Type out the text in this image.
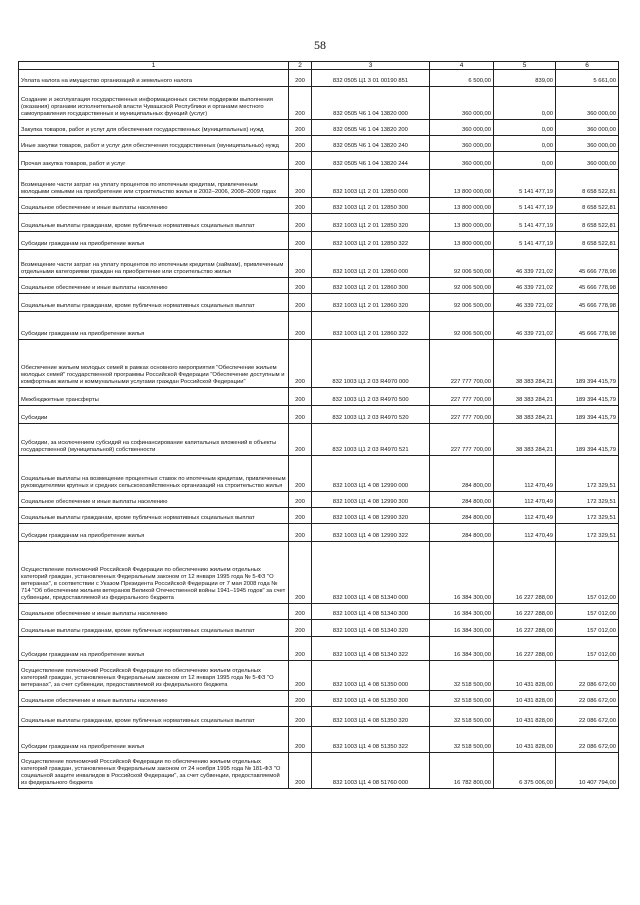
58
1	2	3	4	5	6
Уплата налога на имущество организаций и земельного налога	200	832 0505 Ц1 3 01 00190 851	6 500,00	839,00	5 661,00
Создание и эксплуатация государственных информационных систем поддержки выполнения (оказания) органами исполнительной власти Чувашской Республики и органами местного самоуправления государственных и муниципальных функций (услуг)	200	832 0505 Ч6 1 04 13820 000	360 000,00	0,00	360 000,00
Закупка товаров, работ и услуг для обеспечения государственных (муниципальных) нужд	200	832 0505 Ч6 1 04 13820 200	360 000,00	0,00	360 000,00
Иные закупки товаров, работ и услуг для обеспечения государственных (муниципальных) нужд	200	832 0505 Ч6 1 04 13820 240	360 000,00	0,00	360 000,00
Прочая закупка товаров, работ и услуг	200	832 0505 Ч6 1 04 13820 244	360 000,00	0,00	360 000,00
Возмещение части затрат на уплату процентов по ипотечным кредитам, привлеченным молодыми семьями на приобретение или строительство жилья в 2002–2006, 2008–2009 годах	200	832 1003 Ц1 2 01 12850 000	13 800 000,00	5 141 477,19	8 658 522,81
Социальное обеспечение и иные выплаты населению	200	832 1003 Ц1 2 01 12850 300	13 800 000,00	5 141 477,19	8 658 522,81
Социальные выплаты гражданам, кроме публичных нормативных социальных выплат	200	832 1003 Ц1 2 01 12850 320	13 800 000,00	5 141 477,19	8 658 522,81
Субсидии гражданам на приобретение жилья	200	832 1003 Ц1 2 01 12850 322	13 800 000,00	5 141 477,19	8 658 522,81
Возмещение части затрат на уплату процентов по ипотечным кредитам (займам), привлеченным отдельными категориями граждан на приобретение или строительство жилья	200	832 1003 Ц1 2 01 12860 000	92 006 500,00	46 339 721,02	45 666 778,98
Социальное обеспечение и иные выплаты населению	200	832 1003 Ц1 2 01 12860 300	92 006 500,00	46 339 721,02	45 666 778,98
Социальные выплаты гражданам, кроме публичных нормативных социальных выплат	200	832 1003 Ц1 2 01 12860 320	92 006 500,00	46 339 721,02	45 666 778,98
Субсидии гражданам на приобретение жилья	200	832 1003 Ц1 2 01 12860 322	92 006 500,00	46 339 721,02	45 666 778,98
Обеспечение жильем молодых семей в рамках основного мероприятия "Обеспечение жильем молодых семей" государственной программы Российской Федерации "Обеспечение доступным и комфортным жильем и коммунальными услугами граждан Российской Федерации"	200	832 1003 Ц1 2 03 R4970 000	227 777 700,00	38 383 284,21	189 394 415,79
Межбюджетные трансферты	200	832 1003 Ц1 2 03 R4970 500	227 777 700,00	38 383 284,21	189 394 415,79
Субсидии	200	832 1003 Ц1 2 03 R4970 520	227 777 700,00	38 383 284,21	189 394 415,79
Субсидии, за исключением субсидий на софинансирование капитальных вложений в объекты государственной (муниципальной) собственности	200	832 1003 Ц1 2 03 R4970 521	227 777 700,00	38 383 284,21	189 394 415,79
Социальные выплаты на возмещение процентных ставок по ипотечным кредитам, привлеченным руководителями крупных и средних сельскохозяйственных организаций на строительство жилья	200	832 1003 Ц1 4 08 12990 000	284 800,00	112 470,49	172 329,51
Социальное обеспечение и иные выплаты населению	200	832 1003 Ц1 4 08 12990 300	284 800,00	112 470,49	172 329,51
Социальные выплаты гражданам, кроме публичных нормативных социальных выплат	200	832 1003 Ц1 4 08 12990 320	284 800,00	112 470,49	172 329,51
Субсидии гражданам на приобретение жилья	200	832 1003 Ц1 4 08 12990 322	284 800,00	112 470,49	172 329,51
Осуществление полномочий Российской Федерации по обеспечению жильем отдельных категорий граждан, установленных Федеральным законом от 12 января 1995 года № 5-ФЗ "О ветеранах", в соответствии с Указом Президента Российской Федерации от 7 мая 2008 года № 714 "Об обеспечении жильем ветеранов Великой Отечественной войны 1941–1945 годов" за счет субвенции, предоставляемой из федерального бюджета	200	832 1003 Ц1 4 08 51340 000	16 384 300,00	16 227 288,00	157 012,00
Социальное обеспечение и иные выплаты населению	200	832 1003 Ц1 4 08 51340 300	16 384 300,00	16 227 288,00	157 012,00
Социальные выплаты гражданам, кроме публичных нормативных социальных выплат	200	832 1003 Ц1 4 08 51340 320	16 384 300,00	16 227 288,00	157 012,00
Субсидии гражданам на приобретение жилья	200	832 1003 Ц1 4 08 51340 322	16 384 300,00	16 227 288,00	157 012,00
Осуществление полномочий Российской Федерации по обеспечению жильем отдельных категорий граждан, установленных Федеральным законом от 12 января 1995 года № 5-ФЗ "О ветеранах", за счет субвенции, предоставляемой из федерального бюджета	200	832 1003 Ц1 4 08 51350 000	32 518 500,00	10 431 828,00	22 086 672,00
Социальное обеспечение и иные выплаты населению	200	832 1003 Ц1 4 08 51350 300	32 518 500,00	10 431 828,00	22 086 672,00
Социальные выплаты гражданам, кроме публичных нормативных социальных выплат	200	832 1003 Ц1 4 08 51350 320	32 518 500,00	10 431 828,00	22 086 672,00
Субсидии гражданам на приобретение жилья	200	832 1003 Ц1 4 08 51350 322	32 518 500,00	10 431 828,00	22 086 672,00
Осуществление полномочий Российской Федерации по обеспечению жильем отдельных категорий граждан, установленных Федеральным законом от 24 ноября 1995 года № 181-ФЗ "О социальной защите инвалидов в Российской Федерации", за счет субвенции, предоставляемой из федерального бюджета	200	832 1003 Ц1 4 08 51760 000	16 782 800,00	6 375 006,00	10 407 794,00
